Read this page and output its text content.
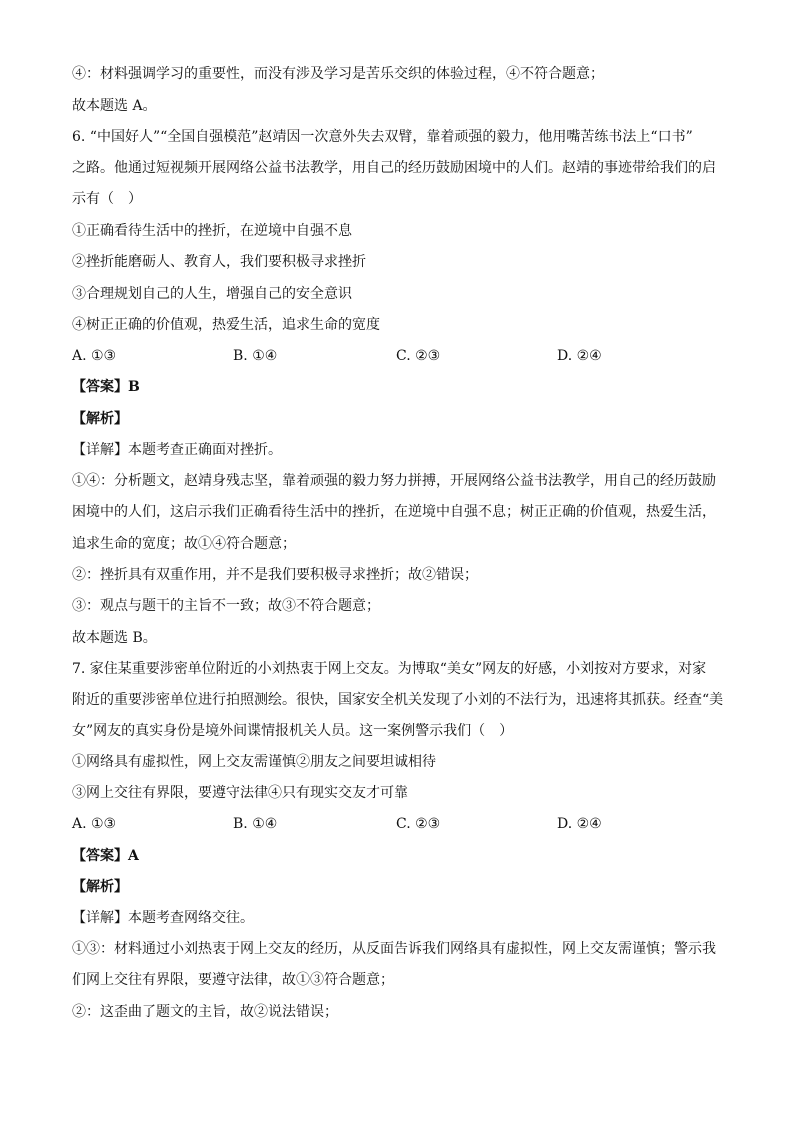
④：材料强调学习的重要性，而没有涉及学习是苦乐交织的体验过程，④不符合题意；
故本题选 A。
6. “中国好人”“全国自强模范”赵靖因一次意外失去双臂，靠着顽强的毅力，他用嘴苦练书法上“口书”
之路。他通过短视频开展网络公益书法教学，用自己的经历鼓励困境中的人们。赵靖的事迹带给我们的启
示有（　）
①正确看待生活中的挫折，在逆境中自强不息
②挫折能磨砺人、教育人，我们要积极寻求挫折
③合理规划自己的人生，增强自己的安全意识
④树正正确的价值观，热爱生活，追求生命的宽度
A. ①③	B. ①④	C. ②③	D. ②④
【答案】B
【解析】
【详解】本题考查正确面对挫折。
①④：分析题文，赵靖身残志坚，靠着顽强的毅力努力拼搏，开展网络公益书法教学，用自己的经历鼓励
困境中的人们，这启示我们正确看待生活中的挫折，在逆境中自强不息；树正正确的价值观，热爱生活，
追求生命的宽度；故①④符合题意；
②：挫折具有双重作用，并不是我们要积极寻求挫折；故②错误；
③：观点与题干的主旨不一致；故③不符合题意；
故本题选 B。
7. 家住某重要涉密单位附近的小刘热衷于网上交友。为博取“美女”网友的好感，小刘按对方要求，对家
附近的重要涉密单位进行拍照测绘。很快，国家安全机关发现了小刘的不法行为，迅速将其抓获。经查“美
女”网友的真实身份是境外间谍情报机关人员。这一案例警示我们（　）
①网络具有虚拟性，网上交友需谨慎②朋友之间要坦诚相待
③网上交往有界限，要遵守法律④只有现实交友才可靠
A. ①③	B. ①④	C. ②③	D. ②④
【答案】A
【解析】
【详解】本题考查网络交往。
①③：材料通过小刘热衷于网上交友的经历，从反面告诉我们网络具有虚拟性，网上交友需谨慎；警示我
们网上交往有界限，要遵守法律，故①③符合题意；
②：这歪曲了题文的主旨，故②说法错误；
